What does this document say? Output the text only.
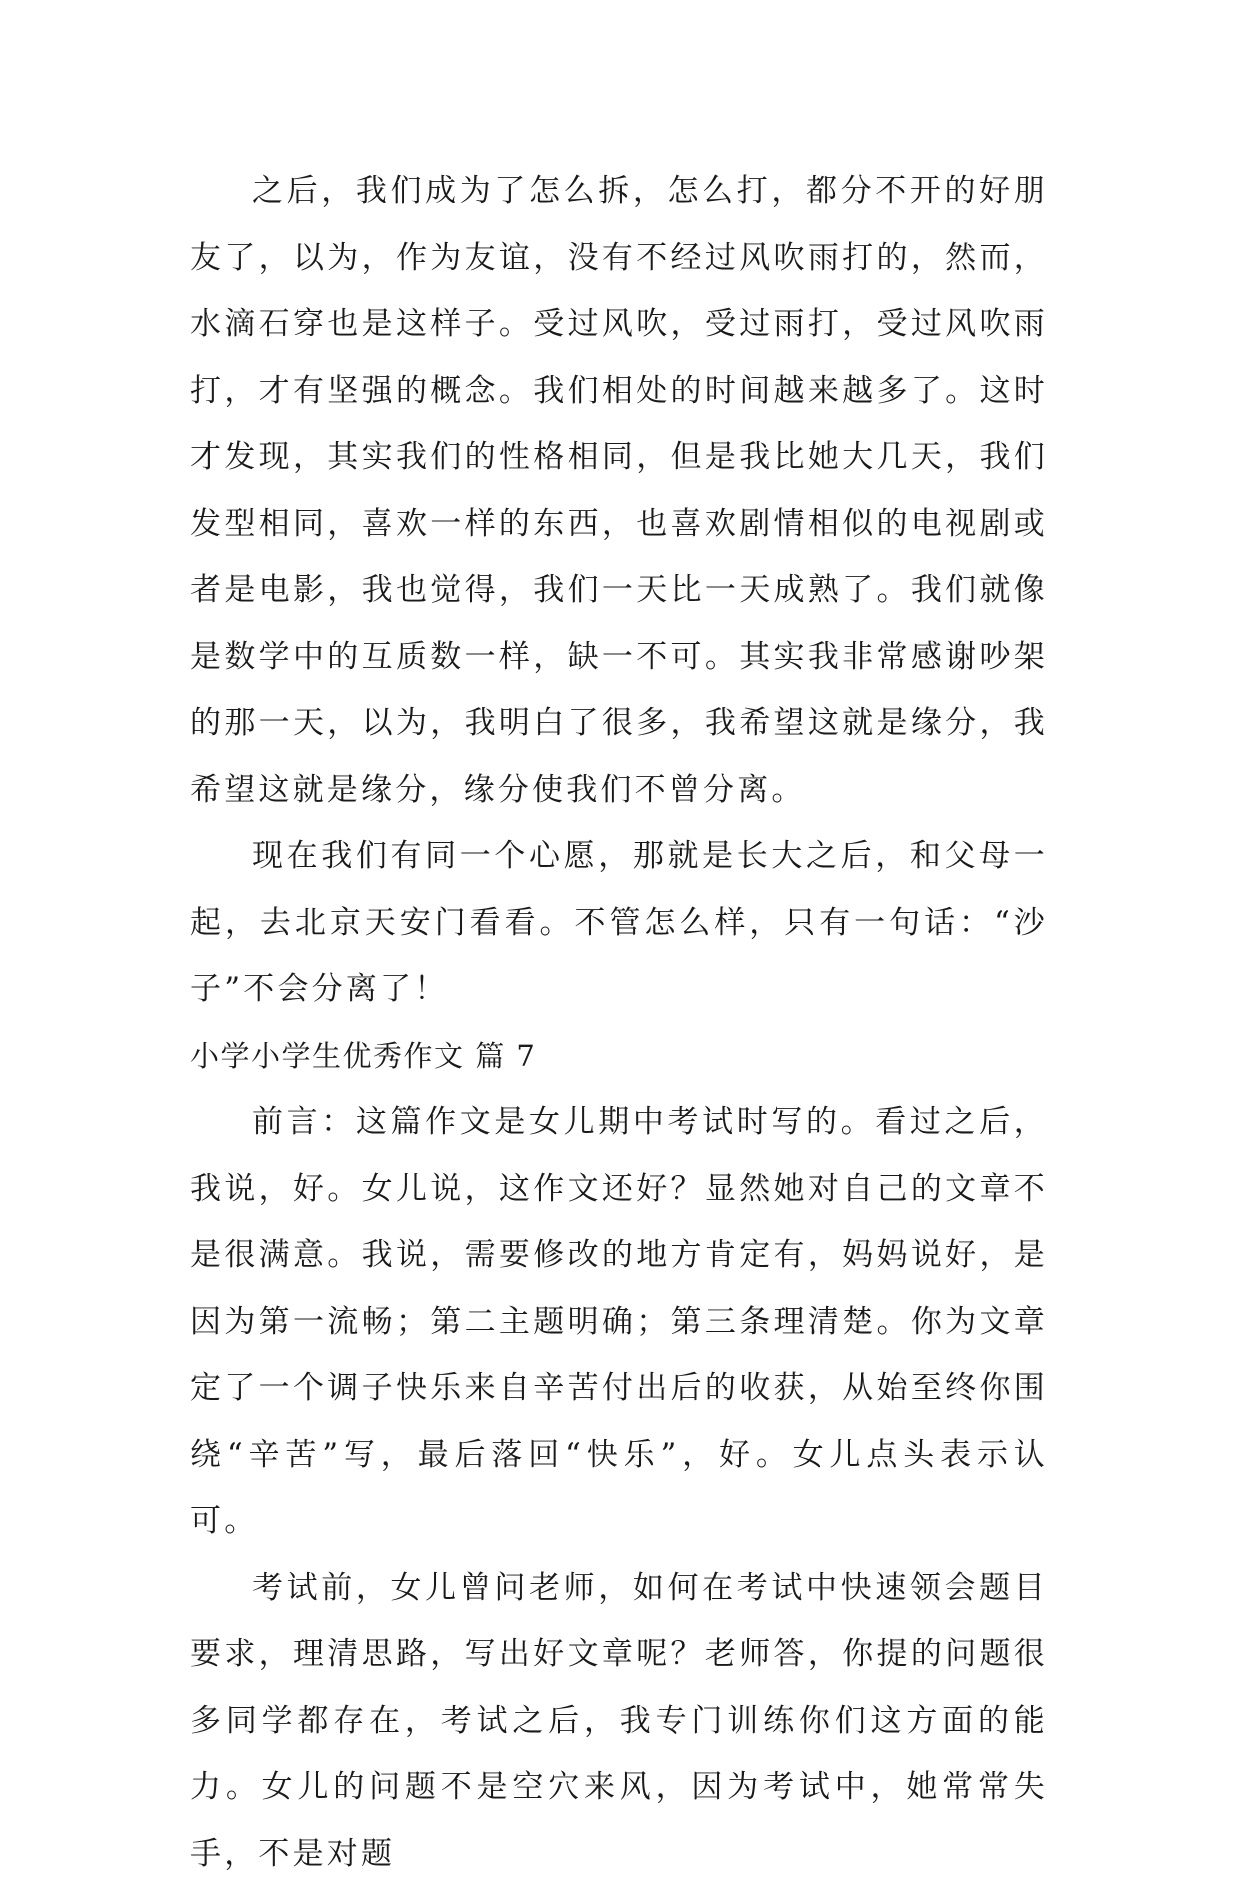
之后，我们成为了怎么拆，怎么打，都分不开的好朋友了，以为，作为友谊，没有不经过风吹雨打的，然而，水滴石穿也是这样子。受过风吹，受过雨打，受过风吹雨打，才有坚强的概念。我们相处的时间越来越多了。这时才发现，其实我们的性格相同，但是我比她大几天，我们发型相同，喜欢一样的东西，也喜欢剧情相似的电视剧或者是电影，我也觉得，我们一天比一天成熟了。我们就像是数学中的互质数一样，缺一不可。其实我非常感谢吵架的那一天，以为，我明白了很多，我希望这就是缘分，我希望这就是缘分，缘分使我们不曾分离。

现在我们有同一个心愿，那就是长大之后，和父母一起，去北京天安门看看。不管怎么样，只有一句话：“沙子”不会分离了！

小学小学生优秀作文 篇 7

前言：这篇作文是女儿期中考试时写的。看过之后，我说，好。女儿说，这作文还好？显然她对自己的文章不是很满意。我说，需要修改的地方肯定有，妈妈说好，是因为第一流畅；第二主题明确；第三条理清楚。你为文章定了一个调子快乐来自辛苦付出后的收获，从始至终你围绕“辛苦”写，最后落回“快乐”，好。女儿点头表示认可。

考试前，女儿曾问老师，如何在考试中快速领会题目要求，理清思路，写出好文章呢？老师答，你提的问题很多同学都存在，考试之后，我专门训练你们这方面的能力。女儿的问题不是空穴来风，因为考试中，她常常失手，不是对题
